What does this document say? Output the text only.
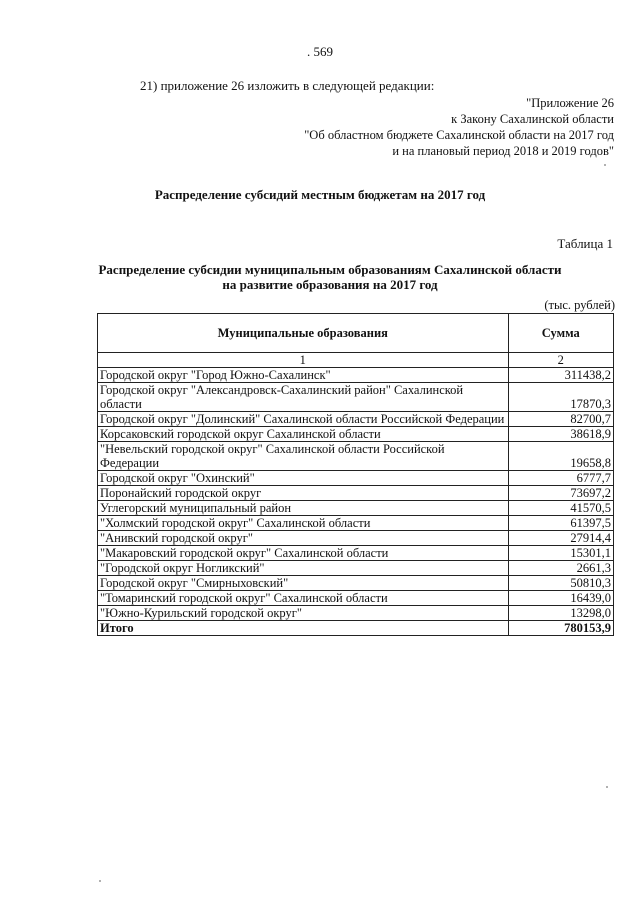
. 569
21) приложение 26 изложить в следующей редакции:
"Приложение 26
к Закону Сахалинской области
"Об областном бюджете Сахалинской области на 2017 год
и на плановый период 2018 и 2019 годов"
Распределение субсидий местным бюджетам на 2017 год
Таблица 1
Распределение субсидии муниципальным образованиям Сахалинской области
на развитие образования на 2017 год
(тыс. рублей)
Муниципальные образования	Сумма
1	2
Городской округ "Город Южно-Сахалинск"	311438,2
Городской округ "Александровск-Сахалинский район" Сахалинской области	17870,3
Городской округ "Долинский" Сахалинской области Российской Федерации	82700,7
Корсаковский городской округ Сахалинской области	38618,9
"Невельский городской округ" Сахалинской области Российской Федерации	19658,8
Городской округ "Охинский"	6777,7
Поронайский городской округ	73697,2
Углегорский муниципальный район	41570,5
"Холмский городской округ" Сахалинской области	61397,5
"Анивский городской округ"	27914,4
"Макаровский городской округ" Сахалинской области	15301,1
"Городской округ Ногликский"	2661,3
Городской округ "Смирныховский"	50810,3
"Томаринский городской округ" Сахалинской области	16439,0
"Южно-Курильский городской округ"	13298,0
Итого	780153,9
